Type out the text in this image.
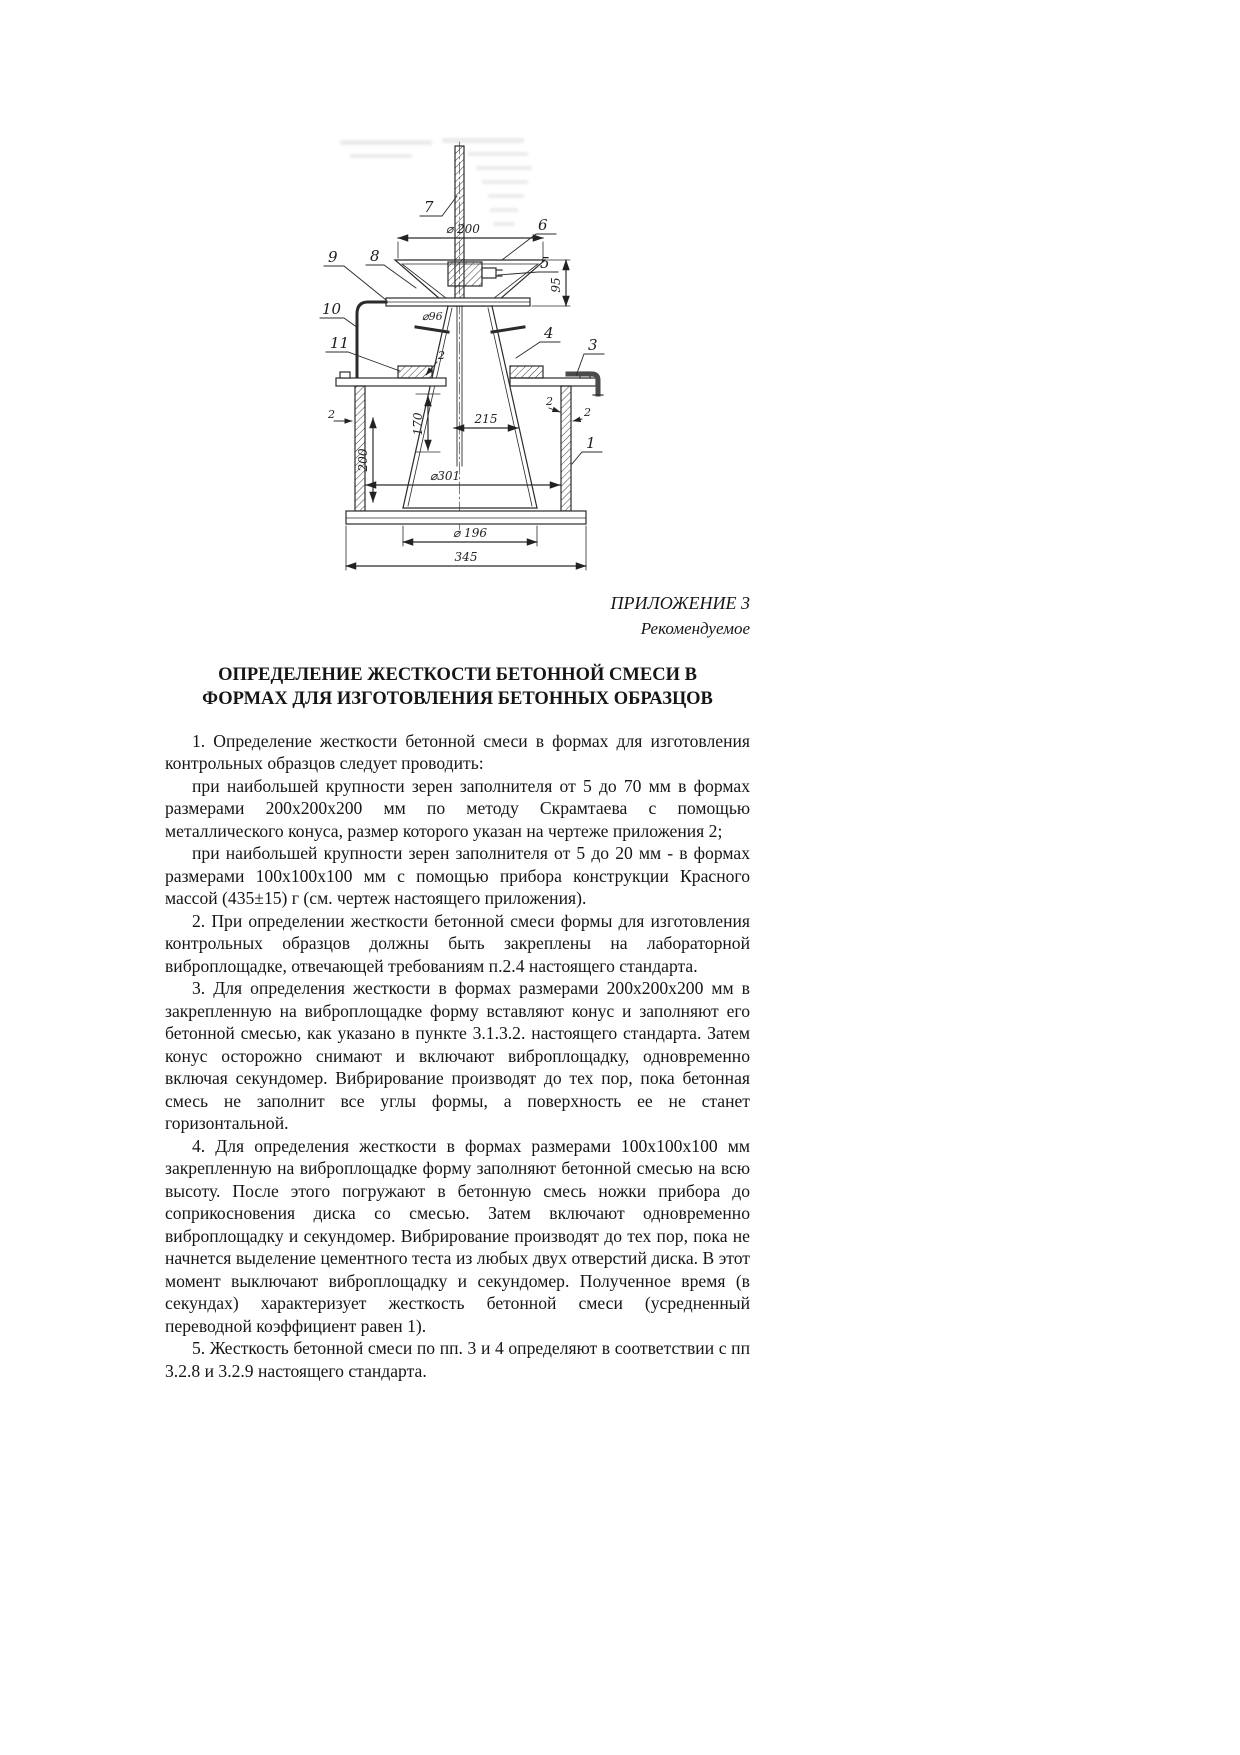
⌀ 200
95
⌀96
170	215
200
⌀301
⌀ 196
345
2
2
2
2
7
9 8
10
11
6
5
4
3
1
ПРИЛОЖЕНИЕ 3
Рекомендуемое
ОПРЕДЕЛЕНИЕ ЖЕСТКОСТИ БЕТОННОЙ СМЕСИ В
ФОРМАХ ДЛЯ ИЗГОТОВЛЕНИЯ БЕТОННЫХ ОБРАЗЦОВ

1. Определение жесткости бетонной смеси в формах для изготовления контрольных образцов следует проводить:

при наибольшей крупности зерен заполнителя от 5 до 70 мм в формах размерами 200х200х200 мм по методу Скрамтаева с помощью металлического конуса, размер которого указан на чертеже приложения 2;

при наибольшей крупности зерен заполнителя от 5 до 20 мм - в формах размерами 100х100х100 мм с помощью прибора конструкции Красного массой (435±15) г (см. чертеж настоящего приложения).

2. При определении жесткости бетонной смеси формы для изготовления контрольных образцов должны быть закреплены на лабораторной виброплощадке, отвечающей требованиям п.2.4 настоящего стандарта.

3. Для определения жесткости в формах размерами 200х200х200 мм в закрепленную на виброплощадке форму вставляют конус и заполняют его бетонной смесью, как указано в пункте 3.1.3.2. настоящего стандарта. Затем конус осторожно снимают и включают виброплощадку, одновременно включая секундомер. Вибрирование производят до тех пор, пока бетонная смесь не заполнит все углы формы, а поверхность ее не станет горизонтальной.

4. Для определения жесткости в формах размерами 100х100х100 мм закрепленную на виброплощадке форму заполняют бетонной смесью на всю высоту. После этого погружают в бетонную смесь ножки прибора до соприкосновения диска со смесью. Затем включают одновременно виброплощадку и секундомер. Вибрирование производят до тех пор, пока не начнется выделение цементного теста из любых двух отверстий диска. В этот момент выключают виброплощадку и секундомер. Полученное время (в секундах) характеризует жесткость бетонной смеси (усредненный переводной коэффициент равен 1).

5. Жесткость бетонной смеси по пп. 3 и 4 определяют в соответствии с пп 3.2.8 и 3.2.9 настоящего стандарта.
